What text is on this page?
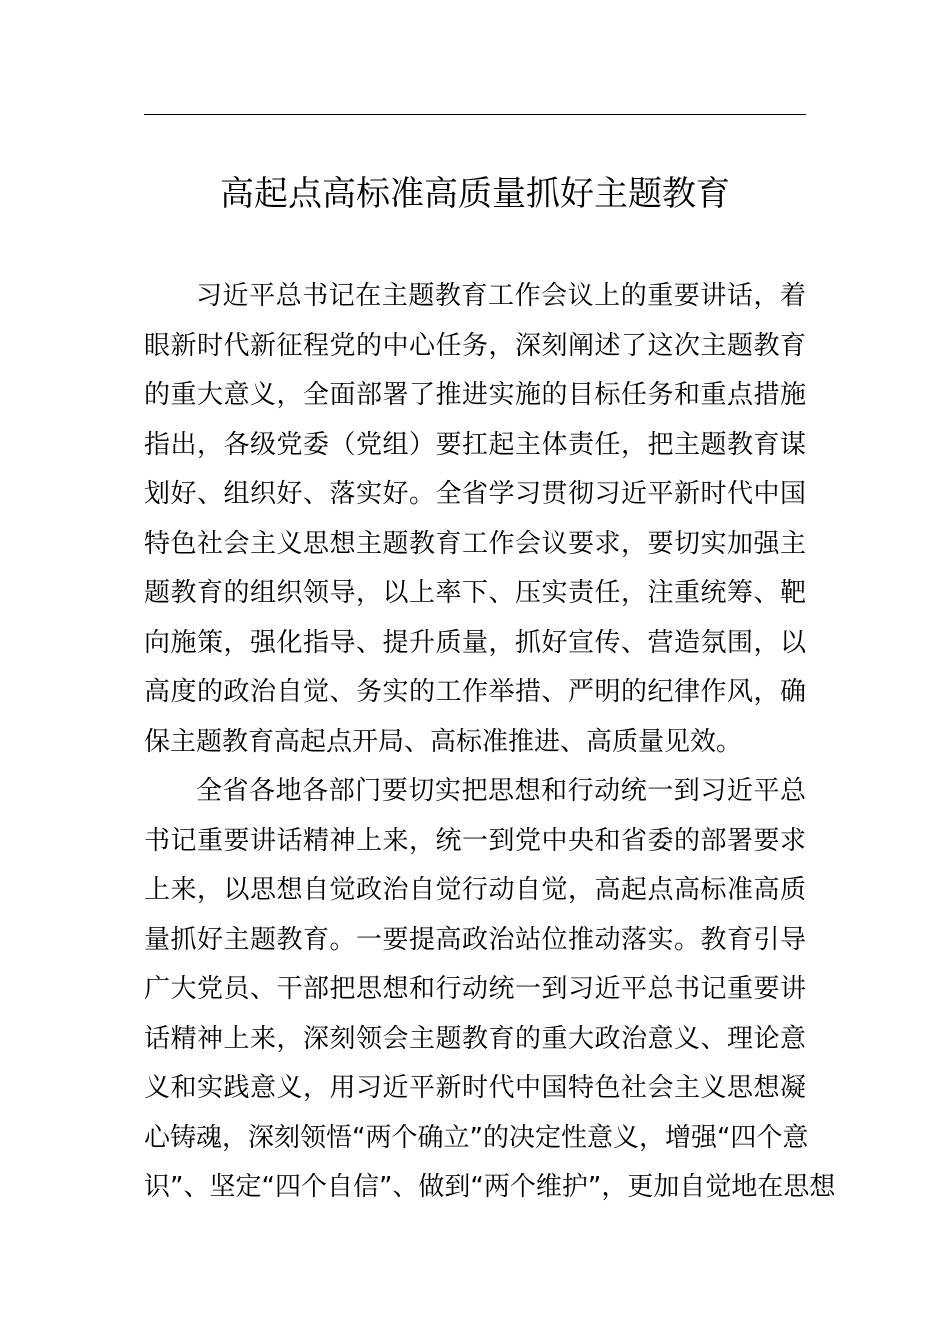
高起点高标准高质量抓好主题教育
习近平总书记在主题教育工作会议上的重要讲话，着
眼新时代新征程党的中心任务，深刻阐述了这次主题教育
的重大意义，全面部署了推进实施的目标任务和重点措施
指出，各级党委（党组）要扛起主体责任，把主题教育谋
划好、组织好、落实好。全省学习贯彻习近平新时代中国
特色社会主义思想主题教育工作会议要求，要切实加强主
题教育的组织领导，以上率下、压实责任，注重统筹、靶
向施策，强化指导、提升质量，抓好宣传、营造氛围，以
高度的政治自觉、务实的工作举措、严明的纪律作风，确
保主题教育高起点开局、高标准推进、高质量见效。
全省各地各部门要切实把思想和行动统一到习近平总
书记重要讲话精神上来，统一到党中央和省委的部署要求
上来，以思想自觉政治自觉行动自觉，高起点高标准高质
量抓好主题教育。一要提高政治站位推动落实。教育引导
广大党员、干部把思想和行动统一到习近平总书记重要讲
话精神上来，深刻领会主题教育的重大政治意义、理论意
义和实践意义，用习近平新时代中国特色社会主义思想凝
心铸魂，深刻领悟“两个确立”的决定性意义，增强“四个意
识”、坚定“四个自信”、做到“两个维护”，更加自觉地在思想
